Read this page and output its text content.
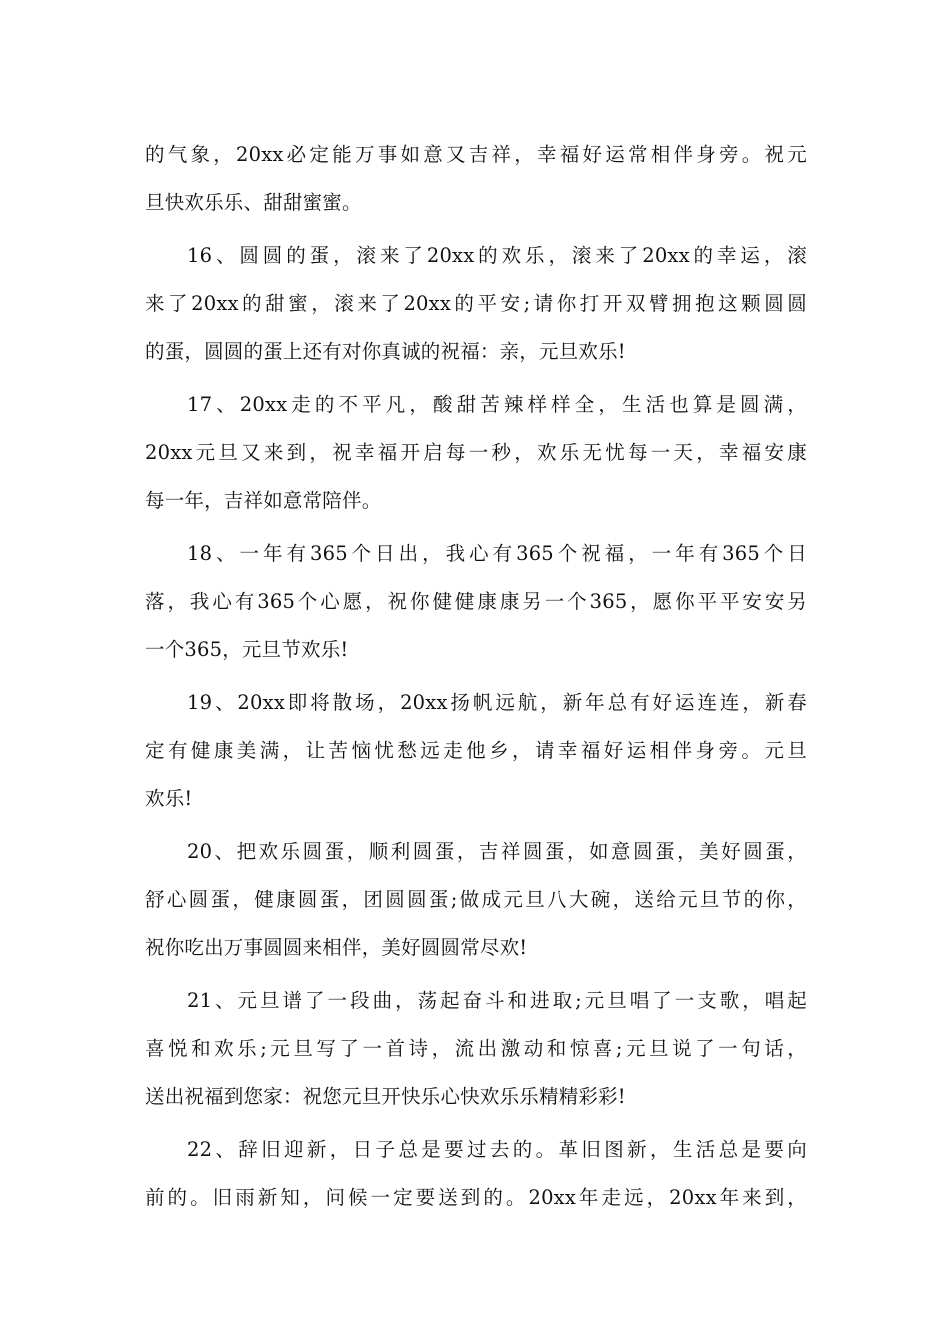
的气象，20xx必定能万事如意又吉祥，幸福好运常相伴身旁。祝元
旦快欢乐乐、甜甜蜜蜜。
16、圆圆的蛋，滚来了20xx的欢乐，滚来了20xx的幸运，滚
来了20xx的甜蜜，滚来了20xx的平安;请你打开双臂拥抱这颗圆圆
的蛋，圆圆的蛋上还有对你真诚的祝福：亲，元旦欢乐!
17、20xx走的不平凡，酸甜苦辣样样全，生活也算是圆满，
20xx元旦又来到，祝幸福开启每一秒，欢乐无忧每一天，幸福安康
每一年，吉祥如意常陪伴。
18、一年有365个日出，我心有365个祝福，一年有365个日
落，我心有365个心愿，祝你健健康康另一个365，愿你平平安安另
一个365，元旦节欢乐!
19、20xx即将散场，20xx扬帆远航，新年总有好运连连，新春
定有健康美满，让苦恼忧愁远走他乡，请幸福好运相伴身旁。元旦
欢乐!
20、把欢乐圆蛋，顺利圆蛋，吉祥圆蛋，如意圆蛋，美好圆蛋，
舒心圆蛋，健康圆蛋，团圆圆蛋;做成元旦八大碗，送给元旦节的你，
祝你吃出万事圆圆来相伴，美好圆圆常尽欢!
21、元旦谱了一段曲，荡起奋斗和进取;元旦唱了一支歌，唱起
喜悦和欢乐;元旦写了一首诗，流出激动和惊喜;元旦说了一句话，
送出祝福到您家：祝您元旦开快乐心快欢乐乐精精彩彩!
22、辞旧迎新，日子总是要过去的。革旧图新，生活总是要向
前的。旧雨新知，问候一定要送到的。20xx年走远，20xx年来到，
